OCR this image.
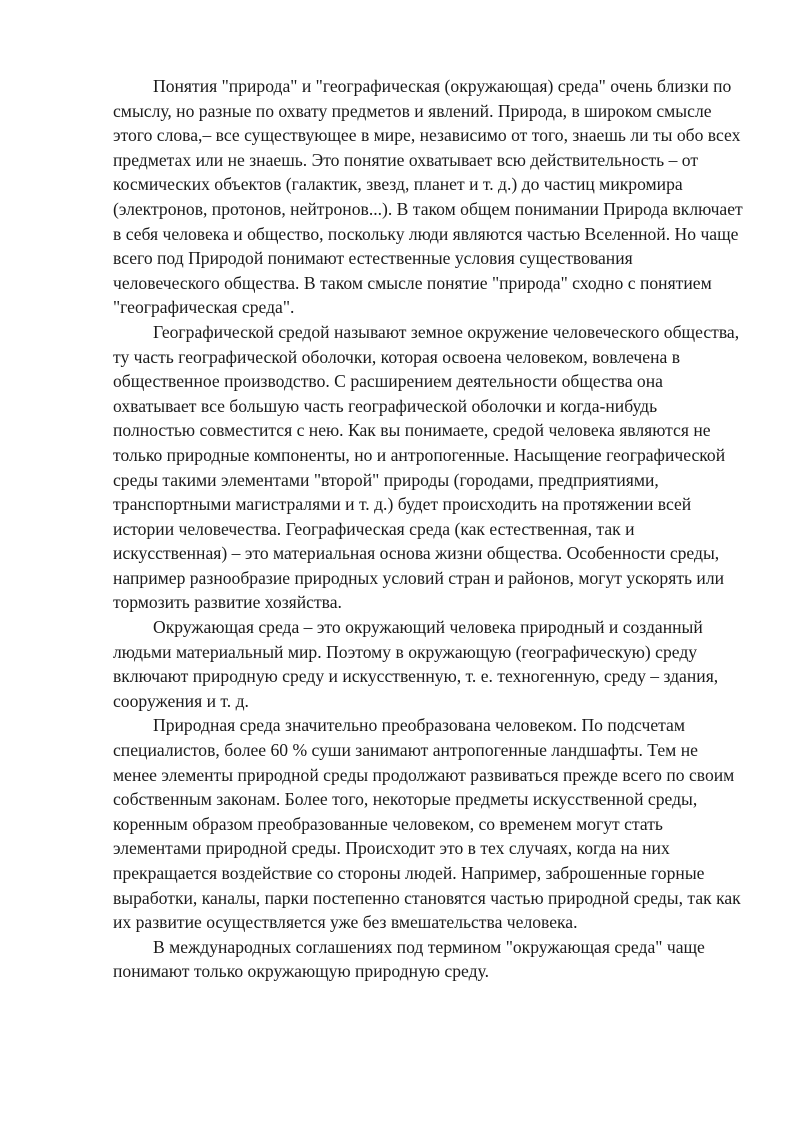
Понятия "природа" и "географическая (окружающая) среда" очень близки по смыслу, но разные по охвату предметов и явлений. Природа, в широком смысле этого слова,– все существующее в мире, независимо от того, знаешь ли ты обо всех предметах или не знаешь. Это понятие охватывает всю действительность – от космических объектов (галактик, звезд, планет и т. д.) до частиц микромира (электронов, протонов, нейтронов...). В таком общем понимании Природа включает в себя человека и общество, поскольку люди являются частью Вселенной. Но чаще всего под Природой понимают естественные условия существования человеческого общества. В таком смысле понятие "природа" сходно с понятием "географическая среда".

Географической средой называют земное окружение человеческого общества, ту часть географической оболочки, которая освоена человеком, вовлечена в общественное производство. С расширением деятельности общества она охватывает все большую часть географической оболочки и когда-нибудь полностью совместится с нею. Как вы понимаете, средой человека являются не только природные компоненты, но и антропогенные. Насыщение географической среды такими элементами "второй" природы (городами, предприятиями, транспортными магистралями и т. д.) будет происходить на протяжении всей истории человечества. Географическая среда (как естественная, так и искусственная) – это материальная основа жизни общества. Особенности среды, например разнообразие природных условий стран и районов, могут ускорять или тормозить развитие хозяйства.

Окружающая среда – это окружающий человека природный и созданный людьми материальный мир. Поэтому в окружающую (географическую) среду включают природную среду и искусственную, т. е. техногенную, среду – здания, сооружения и т. д.

Природная среда значительно преобразована человеком. По подсчетам специалистов, более 60 % суши занимают антропогенные ландшафты. Тем не менее элементы природной среды продолжают развиваться прежде всего по своим собственным законам. Более того, некоторые предметы искусственной среды, коренным образом преобразованные человеком, со временем могут стать элементами природной среды. Происходит это в тех случаях, когда на них прекращается воздействие со стороны людей. Например, заброшенные горные выработки, каналы, парки постепенно становятся частью природной среды, так как их развитие осуществляется уже без вмешательства человека.

В международных соглашениях под термином "окружающая среда" чаще понимают только окружающую природную среду.
